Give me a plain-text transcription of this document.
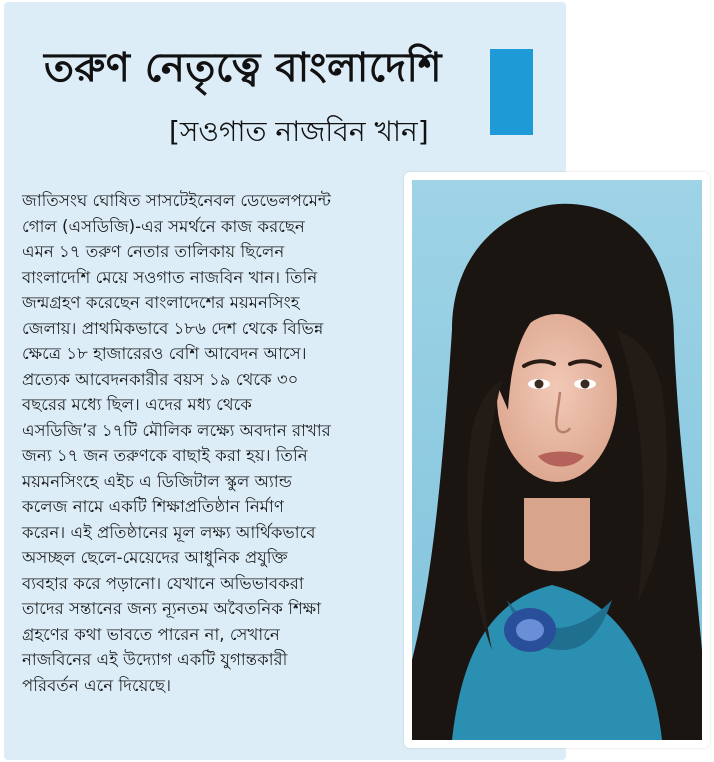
তরুণ নেতৃত্বে বাংলাদেশি
[সওগাত নাজবিন খান]
জাতিসংঘ ঘোষিত সাসটেইনেবল ডেভেলপমেন্ট
গোল (এসডিজি)-এর সমর্থনে কাজ করছেন
এমন ১৭ তরুণ নেতার তালিকায় ছিলেন
বাংলাদেশি মেয়ে সওগাত নাজবিন খান। তিনি
জন্মগ্রহণ করেছেন বাংলাদেশের ময়মনসিংহ
জেলায়। প্রাথমিকভাবে ১৮৬ দেশ থেকে বিভিন্ন
ক্ষেত্রে ১৮ হাজারেরও বেশি আবেদন আসে।
প্রত্যেক আবেদনকারীর বয়স ১৯ থেকে ৩০
বছরের মধ্যে ছিল। এদের মধ্য থেকে
এসডিজি’র ১৭টি মৌলিক লক্ষ্যে অবদান রাখার
জন্য ১৭ জন তরুণকে বাছাই করা হয়। তিনি
ময়মনসিংহে এইচ এ ডিজিটাল স্কুল অ্যান্ড
কলেজ নামে একটি শিক্ষাপ্রতিষ্ঠান নির্মাণ
করেন। এই প্রতিষ্ঠানের মূল লক্ষ্য আর্থিকভাবে
অসচ্ছল ছেলে-মেয়েদের আধুনিক প্রযুক্তি
ব্যবহার করে পড়ানো। যেখানে অভিভাবকরা
তাদের সন্তানের জন্য ন্যূনতম অবৈতনিক শিক্ষা
গ্রহণের কথা ভাবতে পারেন না, সেখানে
নাজবিনের এই উদ্যোগ একটি যুগান্তকারী
পরিবর্তন এনে দিয়েছে।
